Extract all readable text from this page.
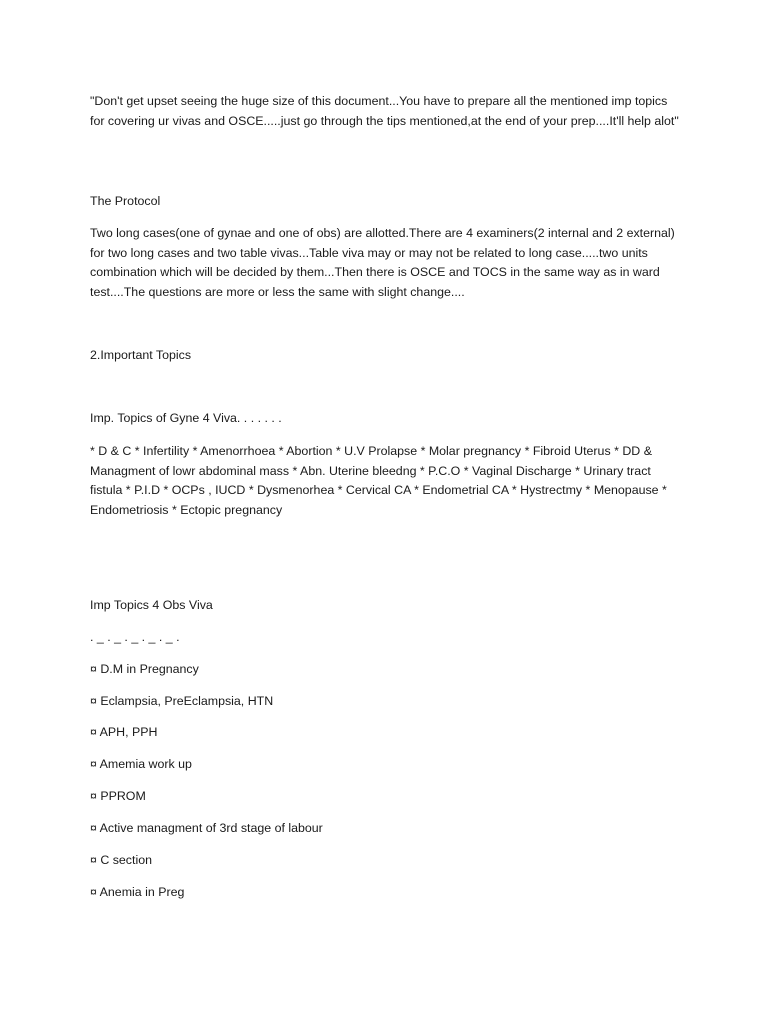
"Don't get upset seeing the huge size of this document...You have to prepare all the mentioned imp topics for covering ur vivas and OSCE.....just go through the tips mentioned,at the end of your prep....It'll help alot"

The Protocol

Two long cases(one of gynae and one of obs) are allotted.There are 4 examiners(2 internal and 2 external) for two long cases and two table vivas...Table viva may or may not be related to long case.....two units combination which will be decided by them...Then there is OSCE and TOCS in the same way as in ward test....The questions are more or less the same with slight change....

2.Important Topics

Imp. Topics of Gyne 4 Viva. . . . . . .

* D & C * Infertility * Amenorrhoea * Abortion * U.V Prolapse * Molar pregnancy * Fibroid Uterus * DD & Managment of lowr abdominal mass * Abn. Uterine bleedng * P.C.O * Vaginal Discharge * Urinary tract fistula * P.I.D * OCPs , IUCD * Dysmenorhea * Cervical CA * Endometrial CA * Hystrectmy * Menopause * Endometriosis * Ectopic pregnancy

Imp Topics 4 Obs Viva

. _ . _ . _ . _ . _ .

¤ D.M in Pregnancy

¤ Eclampsia, PreEclampsia, HTN

¤ APH, PPH

¤ Amemia work up

¤ PPROM

¤ Active managment of 3rd stage of labour

¤ C section

¤ Anemia in Preg
